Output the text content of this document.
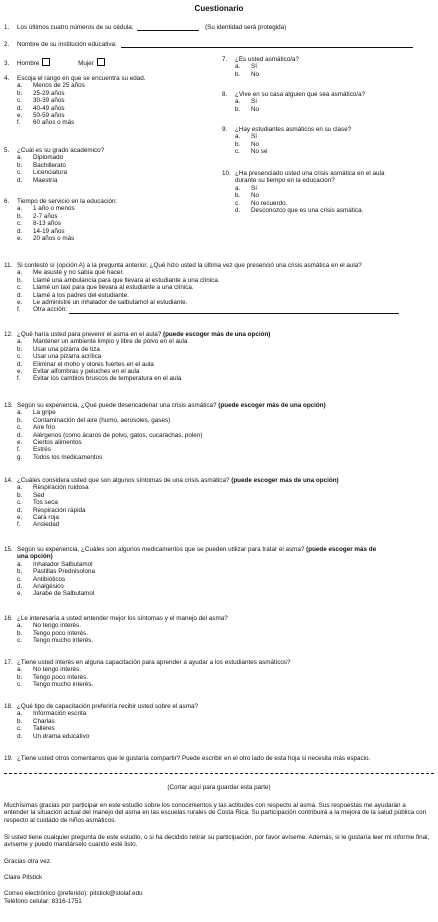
Cuestionario
1. Los últimos cuatro números de su cédula:	(Su identidad será protegida)
2. Nombre de su institución educativa:
3. Hombre	Mujer
4. Escoja el rango en que se encuentra su edad.
a. Menos de 25 años
b. 25-29 años
c. 30-39 años
d. 40-49 años
e. 50-59 años
f. 60 años o más
5. ¿Cuál es su grado académico?
a. Diplomado
b. Bachillerato
c. Licenciatura
d. Maestría
6. Tiempo de servicio en la educación:
a. 1 año o menos
b. 2-7 años
c. 8-13 años
d. 14-19 años
e. 20 años o más
7. ¿Es usted asmático/a?
a. Sí
b. No
8. ¿Vive en su casa alguien que sea asmático/a?
a. Sí
b. No
9. ¿Hay estudiantes asmáticos en su clase?
a. Sí
b. No
c. No sé
10. ¿Ha presenciado usted una crisis asmática en el aula
durante su tiempo en la educación?
a. Sí
b. No
c. No recuerdo.
d. Desconozco que es una crisis asmática.
11. Si contestó sí (opción A) a la pregunta anterior, ¿Qué hizo usted la última vez que presenció una crisis asmática en el aula?
a. Me asusté y no sabía qué hacer.
b. Llamé una ambulancia para que llevara al estudiante a una clínica.
c. Llamé un taxi para que llevara al estudiante a una clínica.
d. Llamé a los padres del estudiante.
e. Le administré un inhalador de salbutamol al estudiante.
f. Otra acción:
12. ¿Qué haría usted para prevenir el asma en el aula? (puede escoger más de una opción)
a. Mantener un ambiente limpio y libre de polvo en el aula
b. Usar una pizarra de tiza
c. Usar una pizarra acrílica
d. Eliminar el moho y olores fuertes en el aula
e. Evitar alfombras y peluches en el aula
f. Evitar los cambios bruscos de temperatura en el aula
13. Según su experiencia, ¿Qué puede desencadenar una crisis asmática? (puede escoger más de una opción)
a. La gripe
b. Contaminación del aire (humo, aerosoles, gases)
c. Aire frío
d. Alérgenos (como ácaros de polvo, gatos, cucarachas, polen)
e. Ciertos alimentos
f. Estrés
g. Todos los medicamentos
14. ¿Cuáles considera usted que son algunos síntomas de una crisis asmática? (puede escoger más de una opción)
a. Respiración ruidosa
b. Sed
c. Tos seca
d. Respiración rápida
e. Cara roja
f. Ansiedad
15. Según su experiencia, ¿Cuáles son algunos medicamentos que se pueden utilizar para tratar el asma? (puede escoger más de
una opción)
a. Inhalador Salbutamol
b. Pastillas Prednisolona
c. Antibióticos
d. Analgésico
e. Jarabe de Salbutamol
16. ¿Le interesaría a usted entender mejor los síntomas y el manejo del asma?
a. No tengo interés.
b. Tengo poco interés.
c. Tengo mucho interés.
17. ¿Tiene usted interés en alguna capacitación para aprender a ayudar a los estudiantes asmáticos?
a. No tengo interés.
b. Tengo poco interés.
c. Tengo mucho interés.
18. ¿Qué tipo de capacitación preferiría recibir usted sobre el asma?
a. Información escrita
b. Charlas
c. Talleres
d. Un drama educativo
19. ¿Tiene usted otros comentarios que le gustaría compartir? Puede escribir en el otro lado de esta hoja si necesita más espacio.
(Cortar aquí para guardar esta parte)
Muchísimas gracias por participar en este estudio sobre los conocimientos y las actitudes con respecto al asma. Sus respuestas me ayudarán a entender la situación actual del manejo del asma en las escuelas rurales de Costa Rica. Su participación contribuirá a la mejora de la salud pública con respecto al cuidado de niños asmáticos.
Si usted tiene cualquier pregunta de este estudio, o si ha decidido retirar su participación, por favor avíseme. Además, si le gustaría leer mi informe final, avíseme y puedo mandárselo cuando esté listo.
Gracias otra vez.
Claire Pitstick
Correo electrónico (preferido): pitstick@stolaf.edu
Teléfono celular: 8316-1751
